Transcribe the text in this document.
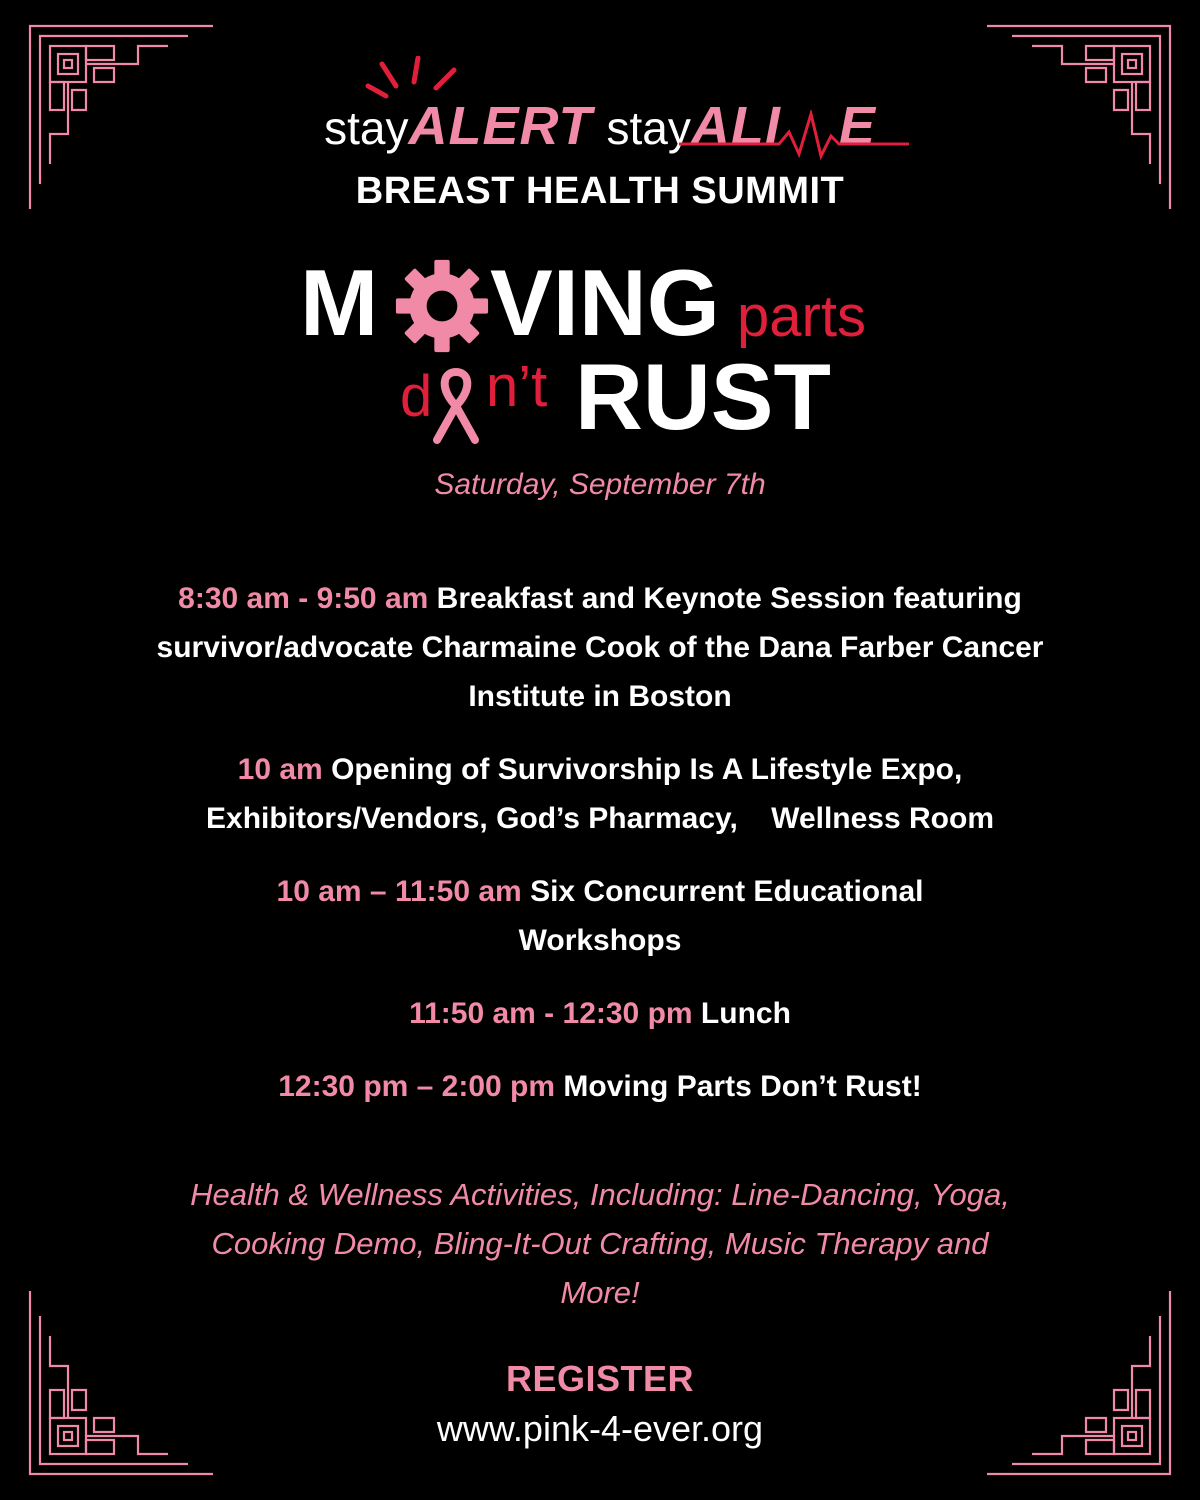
stayALERT stayALI E
BREAST HEALTH SUMMIT
M VING parts
d n’t RUST
Saturday, September 7th
8:30 am - 9:50 am Breakfast and Keynote Session featuring survivor/advocate Charmaine Cook of the Dana Farber Cancer Institute in Boston
10 am Opening of Survivorship Is A Lifestyle Expo, Exhibitors/Vendors, God’s Pharmacy,    Wellness Room
10 am – 11:50 am Six Concurrent Educational Workshops
11:50 am - 12:30 pm Lunch
12:30 pm – 2:00 pm Moving Parts Don’t Rust!
Health & Wellness Activities, Including: Line-Dancing, Yoga, Cooking Demo, Bling-It-Out Crafting, Music Therapy and More!
REGISTER
www.pink-4-ever.org
